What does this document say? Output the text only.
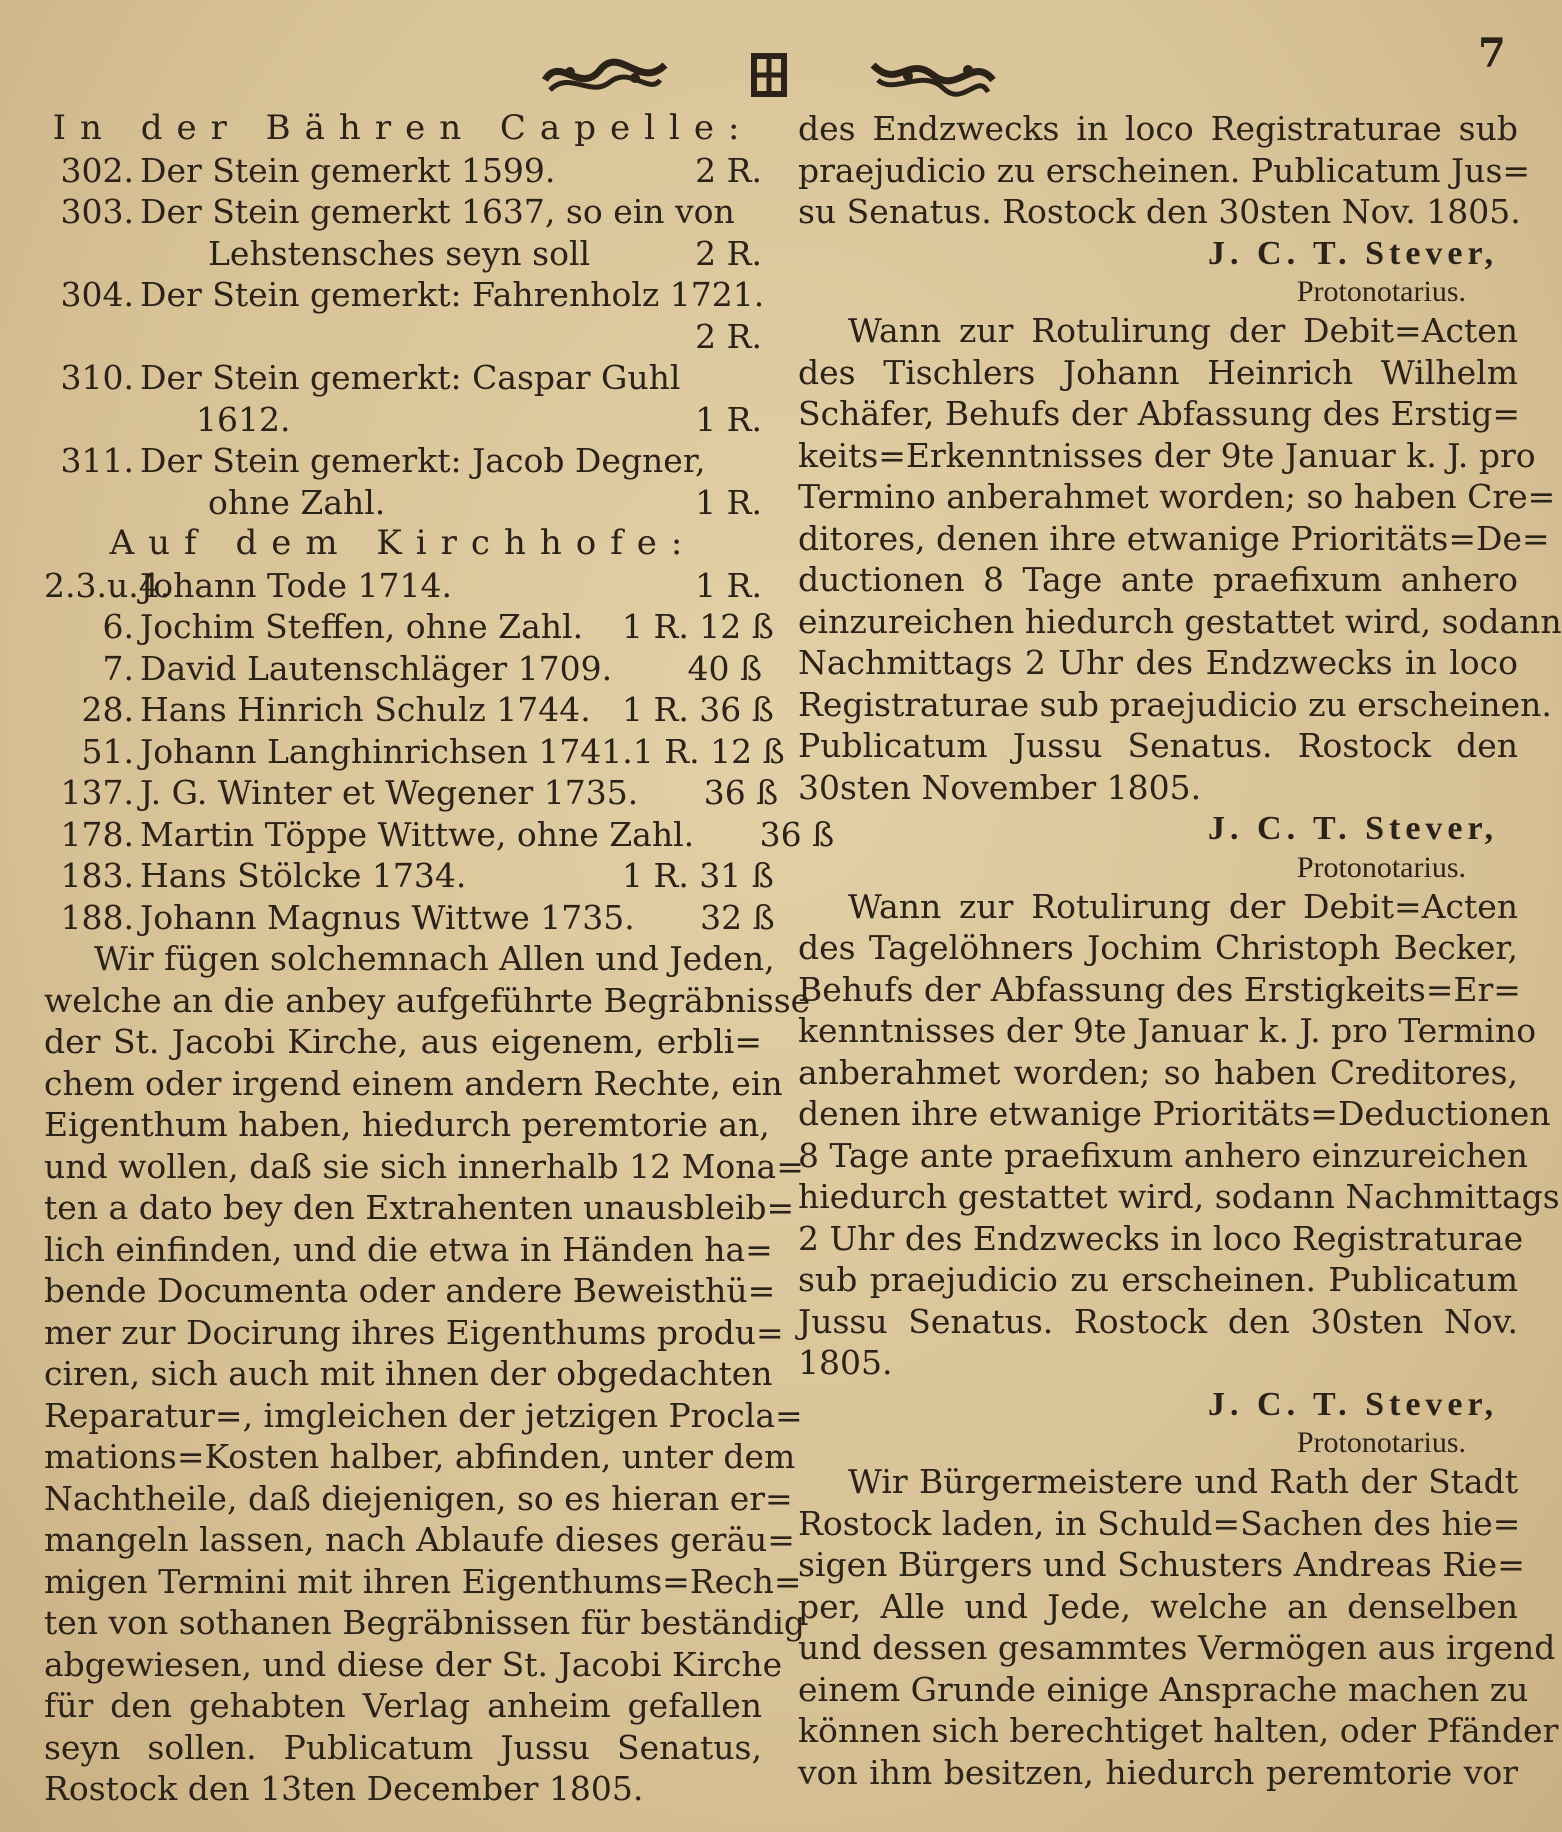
7
In der Bähren Capelle:
302. Der Stein gemerkt 1599.	2 R.
303. Der Stein gemerkt 1637, so ein von
Lehstensches seyn soll	2 R.
304. Der Stein gemerkt: Fahrenholz 1721.
2 R.
310. Der Stein gemerkt: Caspar Guhl
1612.	1 R.
311. Der Stein gemerkt: Jacob Degner,
ohne Zahl.	1 R.
Auf dem Kirchhofe:
2.3.u.4.
Johann Tode 1714.	1 R.
6. Jochim Steffen, ohne Zahl.	1 R. 12 ß
7. David Lautenschläger 1709.	40 ß
28. Hans Hinrich Schulz 1744. 1 R. 36 ß
51. Johann Langhinrichsen 1741. 1 R. 12 ß
137. J. G. Winter et Wegener 1735.	36 ß
178. Martin Töppe Wittwe, ohne Zahl.	36 ß
183. Hans Stölcke 1734.	1 R. 31 ß
188. Johann Magnus Wittwe 1735.	32 ß
Wir fügen solchemnach Allen und Jeden,
welche an die anbey aufgeführte Begräbnisse
der St. Jacobi Kirche, aus eigenem, erbli=
chem oder irgend einem andern Rechte, ein
Eigenthum haben, hiedurch peremtorie an,
und wollen, daß sie sich innerhalb 12 Mona=
ten a dato bey den Extrahenten unausbleib=
lich einfinden, und die etwa in Händen ha=
bende Documenta oder andere Beweisthü=
mer zur Docirung ihres Eigenthums produ=
ciren, sich auch mit ihnen der obgedachten
Reparatur=, imgleichen der jetzigen Procla=
mations=Kosten halber, abfinden, unter dem
Nachtheile, daß diejenigen, so es hieran er=
mangeln lassen, nach Ablaufe dieses geräu=
migen Termini mit ihren Eigenthums=Rech=
ten von sothanen Begräbnissen für beständig
abgewiesen, und diese der St. Jacobi Kirche
für den gehabten Verlag anheim gefallen
seyn sollen. Publicatum Jussu Senatus,
Rostock den 13ten December 1805.
des Endzwecks in loco Registraturae sub
praejudicio zu erscheinen. Publicatum Jus=
su Senatus. Rostock den 30sten Nov. 1805.
J. C. T. Stever,
Protonotarius.
Wann zur Rotulirung der Debit=Acten
des Tischlers Johann Heinrich Wilhelm
Schäfer, Behufs der Abfassung des Erstig=
keits=Erkenntnisses der 9te Januar k. J. pro
Termino anberahmet worden; so haben Cre=
ditores, denen ihre etwanige Prioritäts=De=
ductionen 8 Tage ante praefixum anhero
einzureichen hiedurch gestattet wird, sodann
Nachmittags 2 Uhr des Endzwecks in loco
Registraturae sub praejudicio zu erscheinen.
Publicatum Jussu Senatus. Rostock den
30sten November 1805.
J. C. T. Stever,
Protonotarius.
Wann zur Rotulirung der Debit=Acten
des Tagelöhners Jochim Christoph Becker,
Behufs der Abfassung des Erstigkeits=Er=
kenntnisses der 9te Januar k. J. pro Termino
anberahmet worden; so haben Creditores,
denen ihre etwanige Prioritäts=Deductionen
8 Tage ante praefixum anhero einzureichen
hiedurch gestattet wird, sodann Nachmittags
2 Uhr des Endzwecks in loco Registraturae
sub praejudicio zu erscheinen. Publicatum
Jussu Senatus. Rostock den 30sten Nov.
1805.
J. C. T. Stever,
Protonotarius.
Wir Bürgermeistere und Rath der Stadt
Rostock laden, in Schuld=Sachen des hie=
sigen Bürgers und Schusters Andreas Rie=
per, Alle und Jede, welche an denselben
und dessen gesammtes Vermögen aus irgend
einem Grunde einige Ansprache machen zu
können sich berechtiget halten, oder Pfänder
von ihm besitzen, hiedurch peremtorie vor
